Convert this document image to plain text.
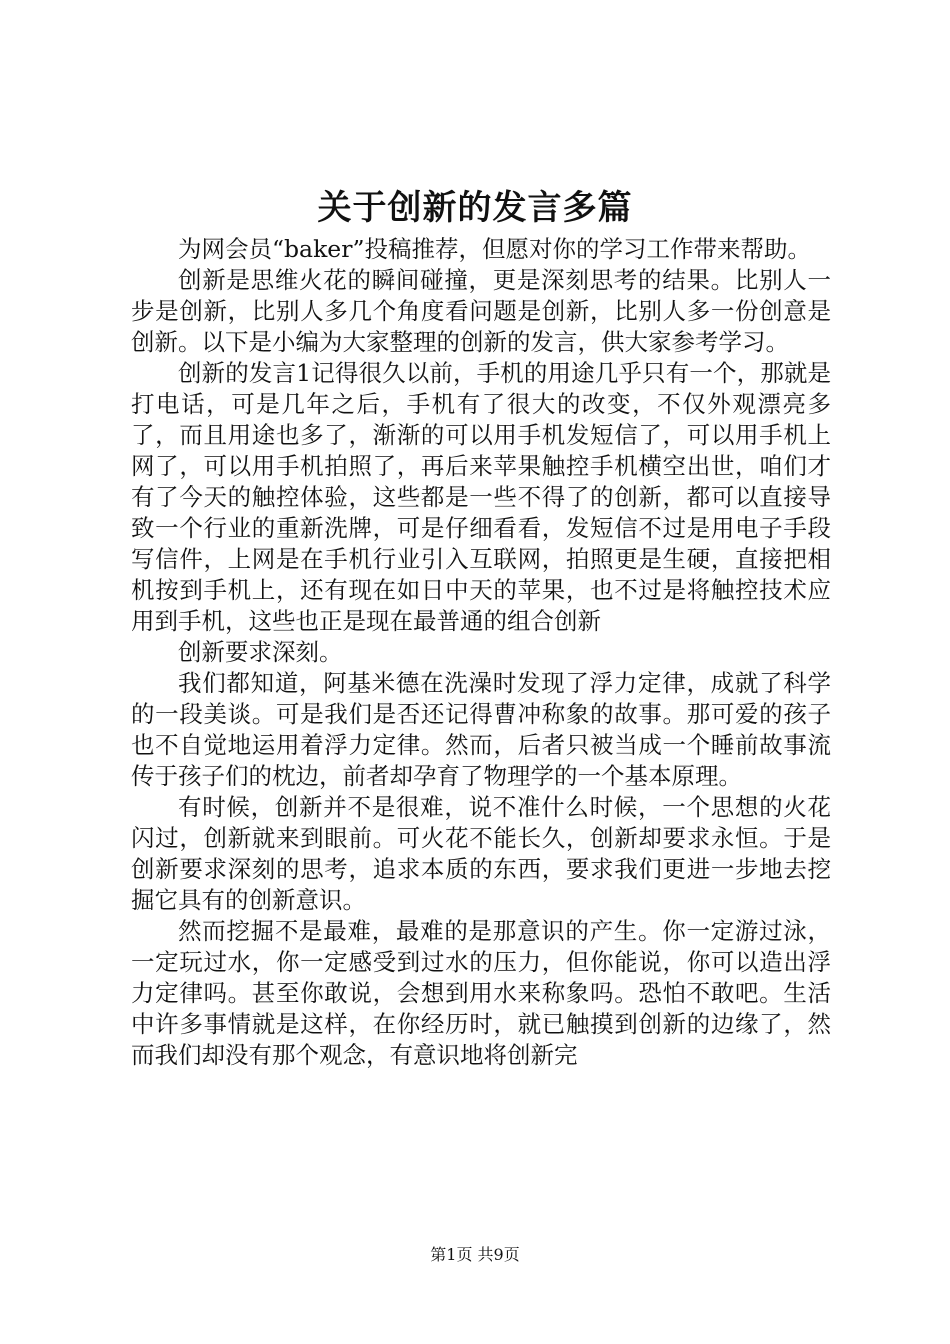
关于创新的发言多篇

为网会员“baker”投稿推荐，但愿对你的学习工作带来帮助。

创新是思维火花的瞬间碰撞，更是深刻思考的结果。比别人一步是创新，比别人多几个角度看问题是创新，比别人多一份创意是创新。以下是小编为大家整理的创新的发言，供大家参考学习。

创新的发言1记得很久以前，手机的用途几乎只有一个，那就是打电话，可是几年之后，手机有了很大的改变，不仅外观漂亮多了，而且用途也多了，渐渐的可以用手机发短信了，可以用手机上网了，可以用手机拍照了，再后来苹果触控手机横空出世，咱们才有了今天的触控体验，这些都是一些不得了的创新，都可以直接导致一个行业的重新洗牌，可是仔细看看，发短信不过是用电子手段写信件，上网是在手机行业引入互联网，拍照更是生硬，直接把相机按到手机上，还有现在如日中天的苹果，也不过是将触控技术应用到手机，这些也正是现在最普通的组合创新

创新要求深刻。

我们都知道，阿基米德在洗澡时发现了浮力定律，成就了科学的一段美谈。可是我们是否还记得曹冲称象的故事。那可爱的孩子也不自觉地运用着浮力定律。然而，后者只被当成一个睡前故事流传于孩子们的枕边，前者却孕育了物理学的一个基本原理。

有时候，创新并不是很难，说不准什么时候，一个思想的火花闪过，创新就来到眼前。可火花不能长久，创新却要求永恒。于是创新要求深刻的思考，追求本质的东西，要求我们更进一步地去挖掘它具有的创新意识。

然而挖掘不是最难，最难的是那意识的产生。你一定游过泳，一定玩过水，你一定感受到过水的压力，但你能说，你可以造出浮力定律吗。甚至你敢说，会想到用水来称象吗。恐怕不敢吧。生活中许多事情就是这样，在你经历时，就已触摸到创新的边缘了，然而我们却没有那个观念，有意识地将创新完

第1页 共9页
